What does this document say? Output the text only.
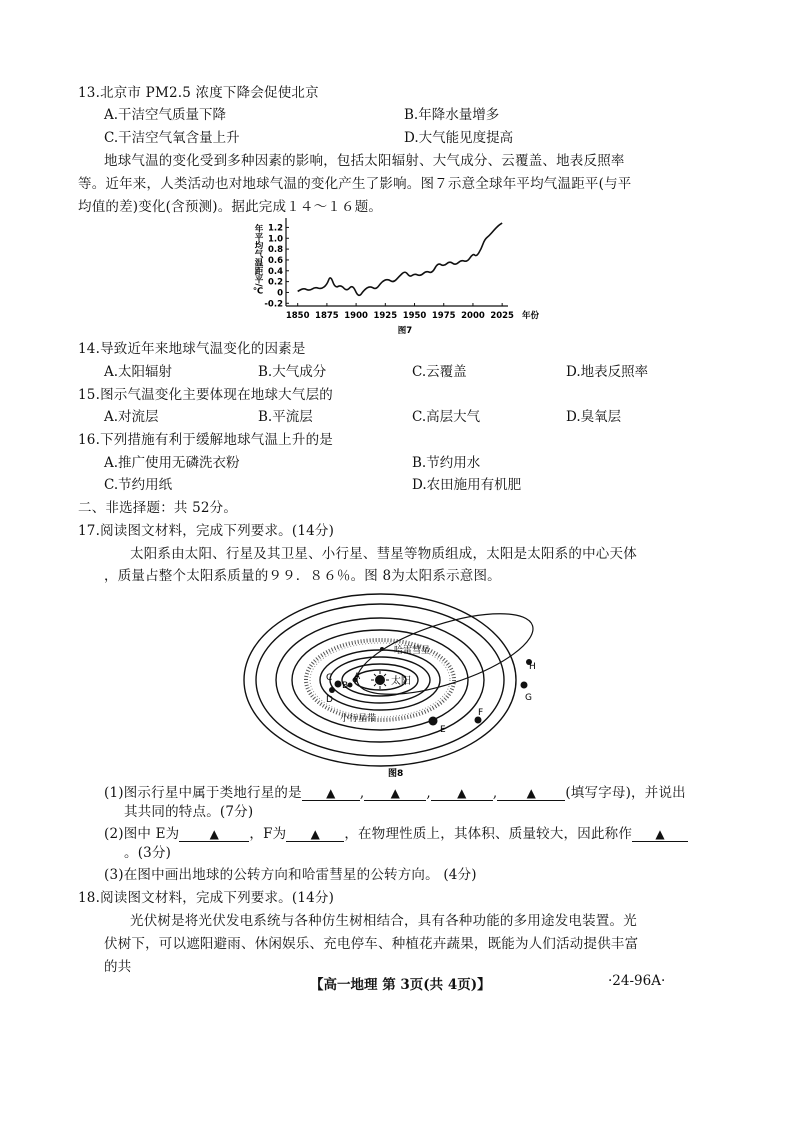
13.北京市 PM2.5 浓度下降会促使北京
A.干洁空气质量下降	B.年降水量增多
C.干洁空气氧含量上升	D.大气能见度提高
地球气温的变化受到多种因素的影响，包括太阳辐射、大气成分、云覆盖、地表反照率
等。近年来，人类活动也对地球气温的变化产生了影响。图７示意全球年平均气温距平(与平
均值的差)变化(含预测)。据此完成１４～１６题。
1.2
1.0
0.8
0.6
0.4
0.2
0
-0.2
1850 1875 1900 1925 1950 1975 2000 2025 年份
年平均气温距平/℃
图7
14.导致近年来地球气温变化的因素是
A.太阳辐射	B.大气成分	C.云覆盖	D.地表反照率
15.图示气温变化主要体现在地球大气层的
A.对流层	B.平流层	C.高层大气	D.臭氧层
16.下列措施有利于缓解地球气温上升的是
A.推广使用无磷洗衣粉	B.节约用水
C.节约用纸	D.农田施用有机肥
二、非选择题：共 52分。
17.阅读图文材料，完成下列要求。(14分)
太阳系由太阳、行星及其卫星、小行星、彗星等物质组成，太阳是太阳系的中心天体
，质量占整个太阳系质量的９９．８６％。图 8为太阳系示意图。
太阳
A
B
C
D
E
F
G
H
哈雷彗星
小行星带
图8
(1)图示行星中属于类地行星的是 ▲ , ▲ , ▲ , ▲ (填写字母)，并说出
其共同的特点。(7分)
(2)图中 E为	▲ ，F为 ▲ ，在物理性质上，其体积、质量较大，因此称作 ▲
。(3分)
(3)在图中画出地球的公转方向和哈雷彗星的公转方向。 (4分)
18.阅读图文材料，完成下列要求。(14分)
光伏树是将光伏发电系统与各种仿生树相结合，具有各种功能的多用途发电装置。光
伏树下，可以遮阳避雨、休闲娱乐、充电停车、种植花卉蔬果，既能为人们活动提供丰富
的共
【高一地理 第 3页(共 4页)】	·24-96A·
